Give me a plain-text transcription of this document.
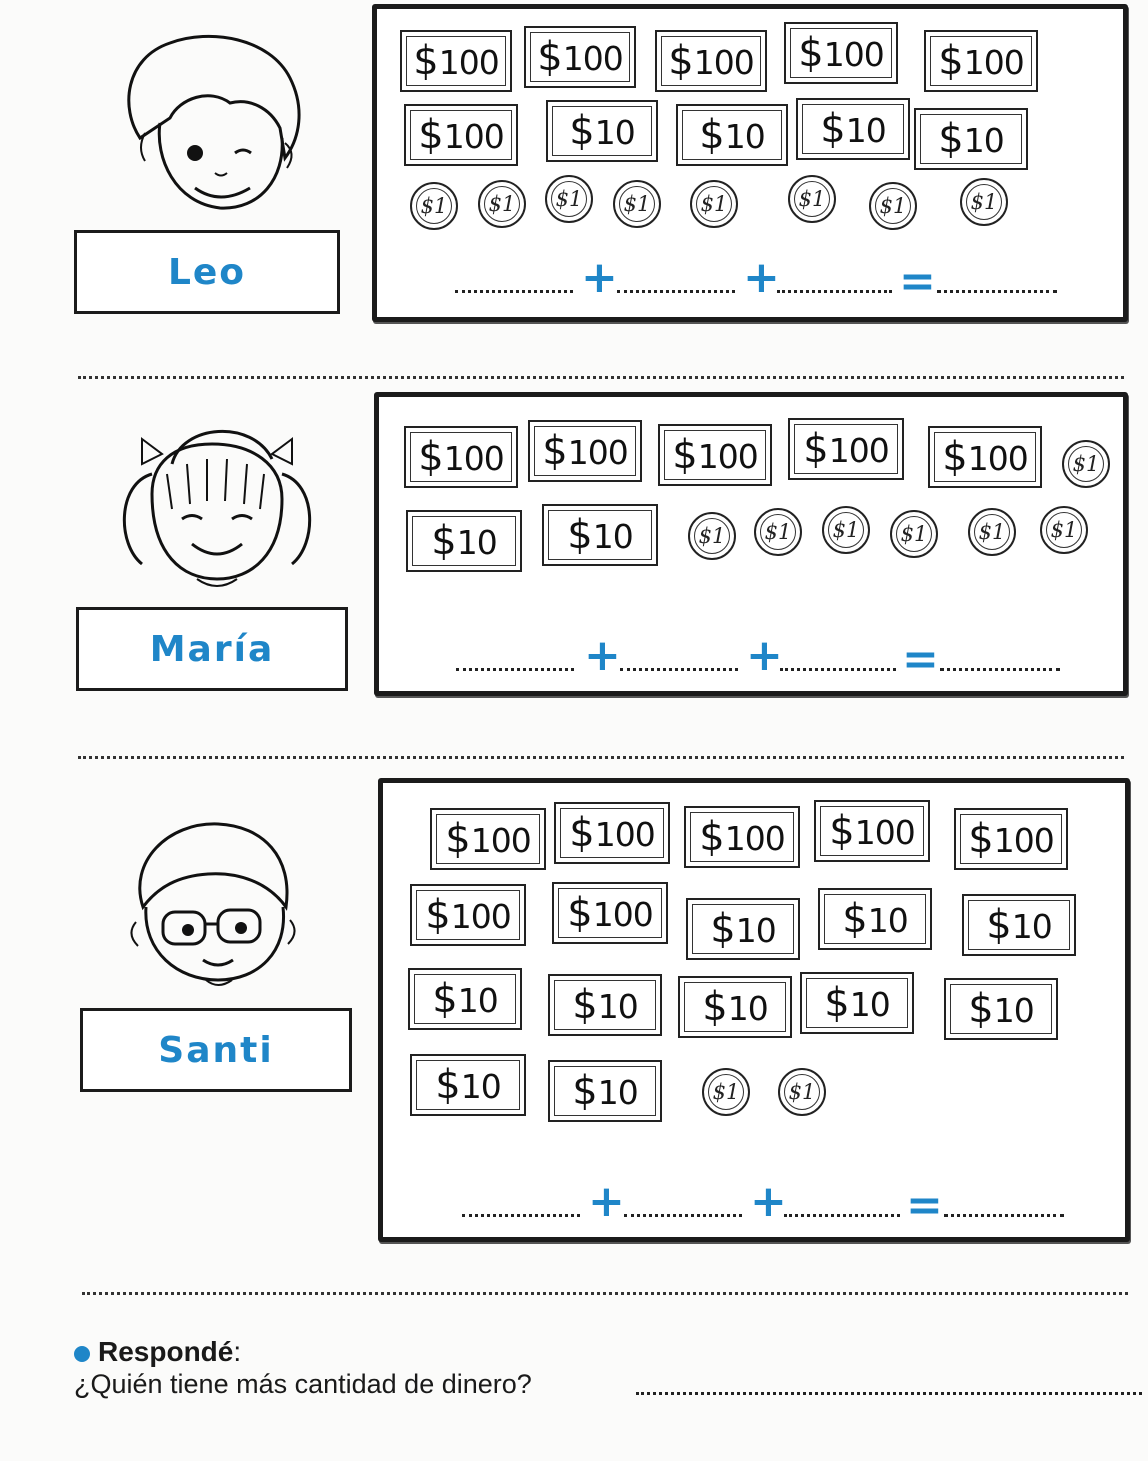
Leo
$100 $100 $100 $100 $100
$100 $10 $10 $10 $10
$1 $1 $1 $1 $1	$1	$1	$1
+	+	=
María
$100 $100 $100 $100 $100
$10 $10
$1
$1 $1 $1 $1 $1 $1
+	+	=
Santi
$100 $100 $100 $100 $100
$100 $100 $10 $10 $10
$10 $10 $10 $10 $10
$10 $10	$1 $1
+	+	=
Respondé:
¿Quién tiene más cantidad de dinero?
